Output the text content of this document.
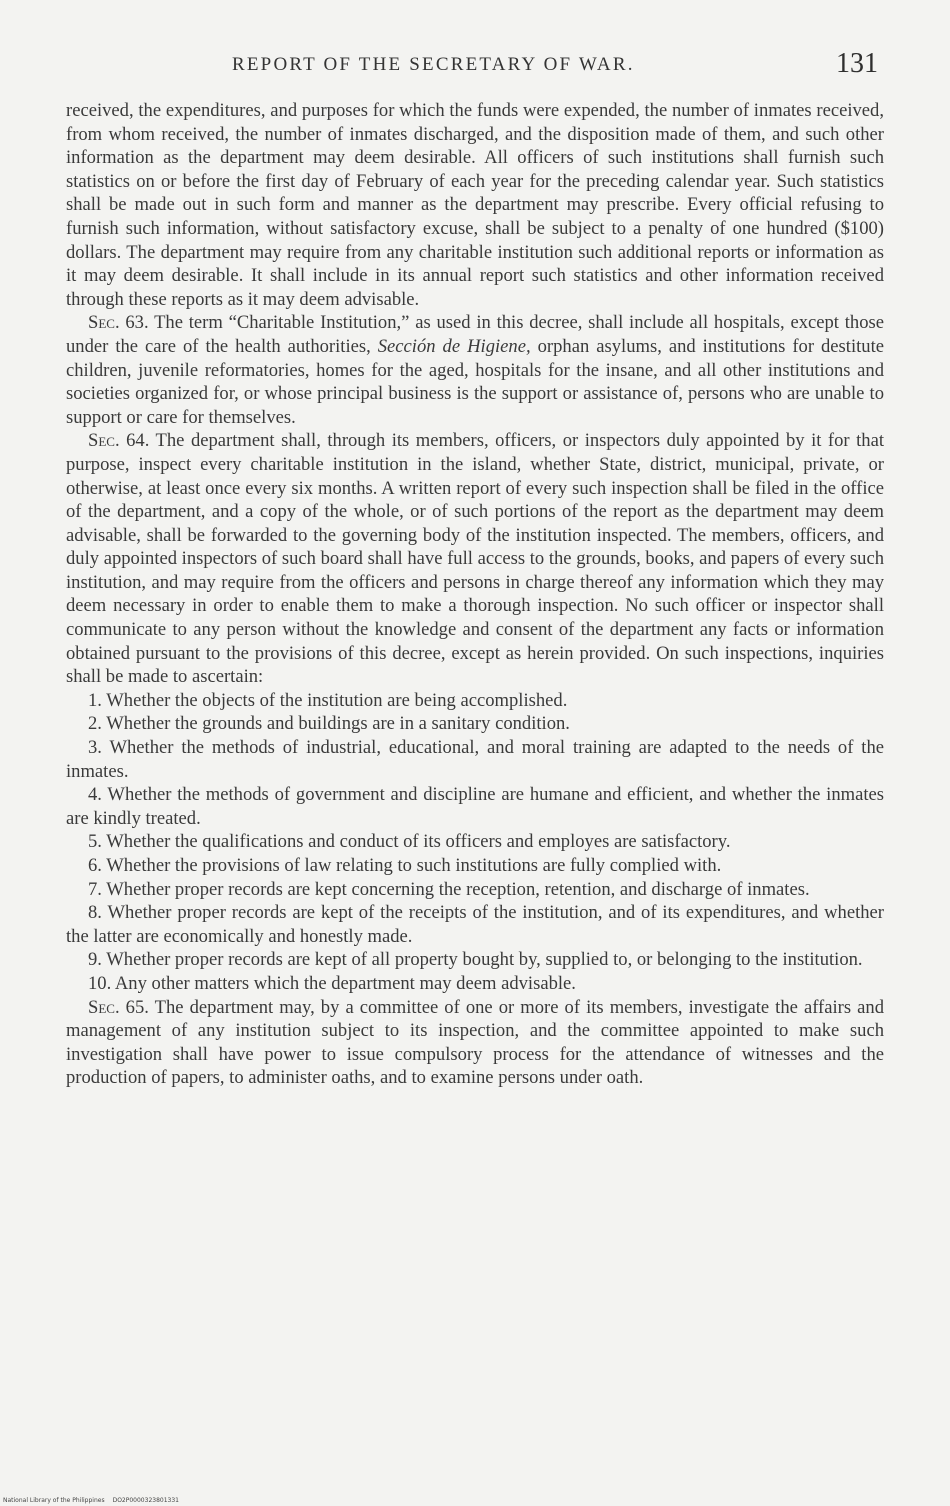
REPORT OF THE SECRETARY OF WAR.	131

received, the expenditures, and purposes for which the funds were expended, the number of inmates received, from whom received, the number of inmates discharged, and the disposition made of them, and such other information as the department may deem desirable. All officers of such institutions shall furnish such statistics on or before the first day of February of each year for the preceding calendar year. Such statistics shall be made out in such form and manner as the department may prescribe. Every official refusing to furnish such information, without satisfactory excuse, shall be subject to a penalty of one hundred ($100) dollars. The department may require from any charitable institution such additional reports or information as it may deem desirable. It shall include in its annual report such statistics and other information received through these reports as it may deem advisable.

Sec. 63. The term “Charitable Institution,” as used in this decree, shall include all hospitals, except those under the care of the health authorities, Sección de Higiene, orphan asylums, and institutions for destitute children, juvenile reformatories, homes for the aged, hospitals for the insane, and all other institutions and societies organized for, or whose principal business is the support or assistance of, persons who are unable to support or care for themselves.

Sec. 64. The department shall, through its members, officers, or inspectors duly appointed by it for that purpose, inspect every charitable institution in the island, whether State, district, municipal, private, or otherwise, at least once every six months. A written report of every such inspection shall be filed in the office of the department, and a copy of the whole, or of such portions of the report as the department may deem advisable, shall be forwarded to the governing body of the institution inspected. The members, officers, and duly appointed inspectors of such board shall have full access to the grounds, books, and papers of every such institution, and may require from the officers and persons in charge thereof any information which they may deem necessary in order to enable them to make a thorough inspection. No such officer or inspector shall communicate to any person without the knowledge and consent of the department any facts or information obtained pursuant to the provisions of this decree, except as herein provided. On such inspections, inquiries shall be made to ascertain:

1. Whether the objects of the institution are being accomplished.

2. Whether the grounds and buildings are in a sanitary condition.

3. Whether the methods of industrial, educational, and moral training are adapted to the needs of the inmates.

4. Whether the methods of government and discipline are humane and efficient, and whether the inmates are kindly treated.

5. Whether the qualifications and conduct of its officers and employes are satisfactory.

6. Whether the provisions of law relating to such institutions are fully complied with.

7. Whether proper records are kept concerning the reception, retention, and discharge of inmates.

8. Whether proper records are kept of the receipts of the institution, and of its expenditures, and whether the latter are economically and honestly made.

9. Whether proper records are kept of all property bought by, supplied to, or belonging to the institution.

10. Any other matters which the department may deem advisable.

Sec. 65. The department may, by a committee of one or more of its members, investigate the affairs and management of any institution subject to its inspection, and the committee appointed to make such investigation shall have power to issue compulsory process for the attendance of witnesses and the production of papers, to administer oaths, and to examine persons under oath.

National Library of the Philippines DO2P0000323801331
